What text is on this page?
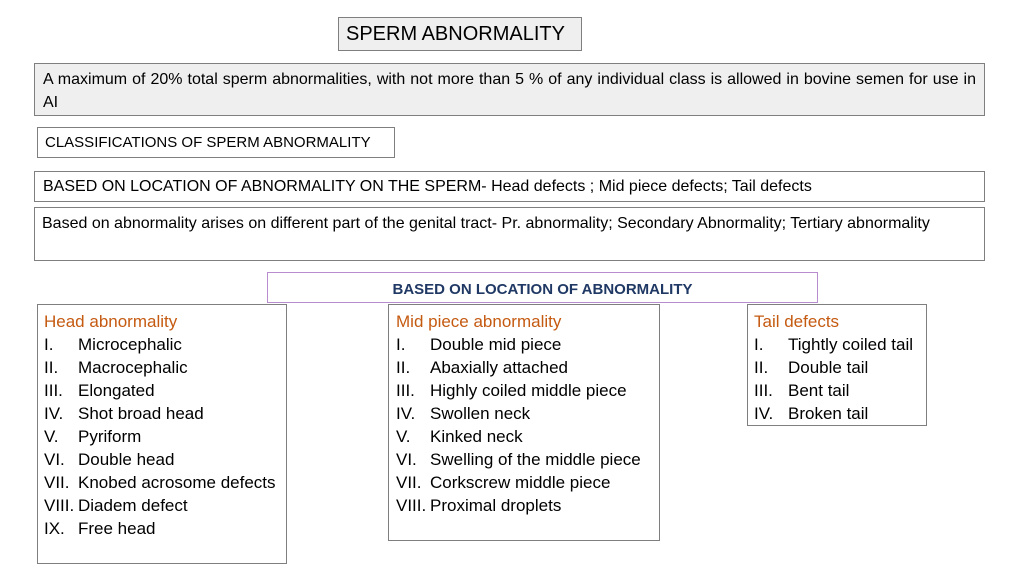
SPERM ABNORMALITY
A maximum of 20% total sperm abnormalities, with not more than 5 % of any individual class is allowed in bovine semen for use in AI
CLASSIFICATIONS OF SPERM ABNORMALITY
BASED ON LOCATION OF ABNORMALITY ON THE SPERM- Head defects ; Mid piece defects; Tail defects
Based on abnormality arises on different part of the genital tract- Pr. abnormality; Secondary Abnormality; Tertiary abnormality
BASED ON LOCATION OF ABNORMALITY
Head abnormality
I.	Microcephalic
II.	Macrocephalic
III. Elongated
IV. Shot broad head
V.	Pyriform
VI. Double head
VII. Knobed acrosome defects
VIII. Diadem defect
IX. Free head
Mid piece abnormality
I.	Double mid piece
II.	Abaxially attached
III. Highly coiled middle piece
IV. Swollen neck
V.	Kinked neck
VI. Swelling of the middle piece
VII. Corkscrew middle piece
VIII. Proximal droplets
Tail defects
I.	Tightly coiled tail
II.	Double tail
III. Bent tail
IV. Broken tail
